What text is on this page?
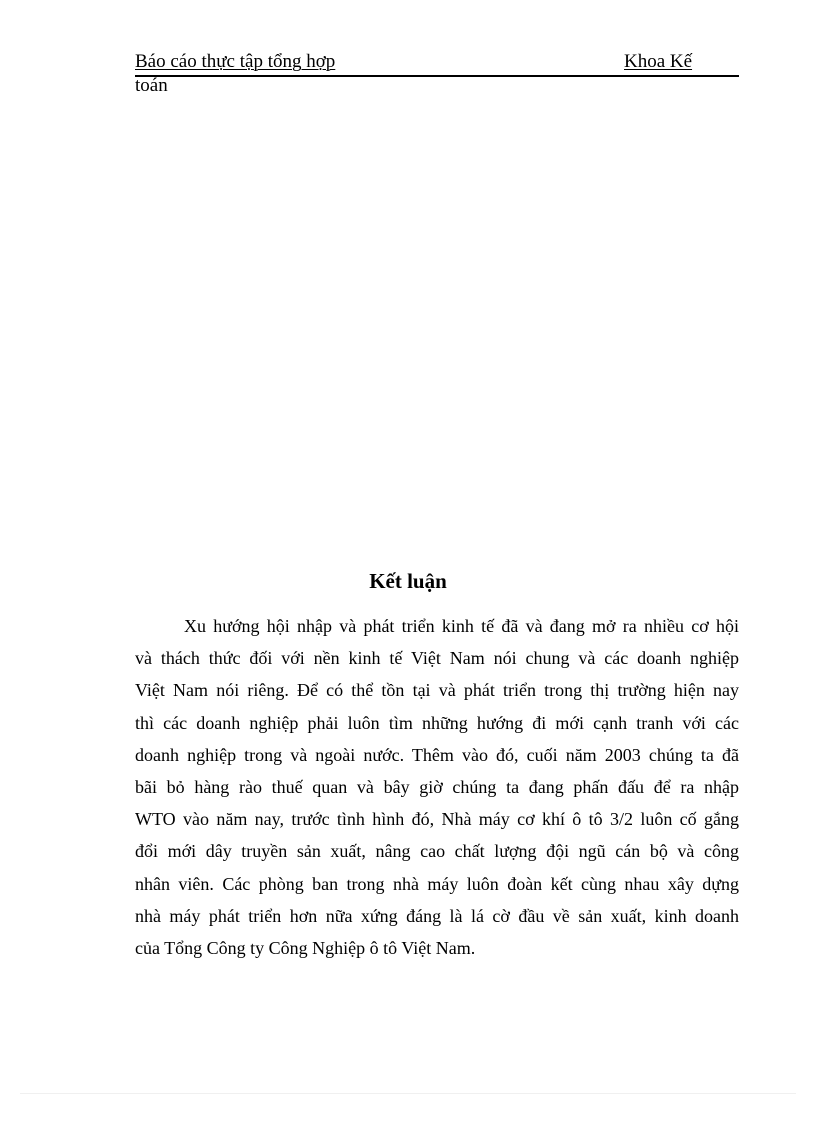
Báo cáo thực tập tổng hợp	Khoa Kế
toán
Kết luận
Xu hướng hội nhập và phát triển kinh tế đã và đang mở ra nhiều cơ hội
và thách thức đối với nền kinh tế Việt Nam nói chung và các doanh nghiệp
Việt Nam nói riêng. Để có thể tồn tại và phát triển trong thị trường hiện nay
thì các doanh nghiệp phải luôn tìm những hướng đi mới cạnh tranh với các
doanh nghiệp trong và ngoài nước. Thêm vào đó, cuối năm 2003 chúng ta đã
bãi bỏ hàng rào thuế quan và bây giờ chúng ta đang phấn đấu để ra nhập
WTO vào năm nay, trước tình hình đó, Nhà máy cơ khí ô tô 3/2 luôn cố gắng
đổi mới dây truyền sản xuất, nâng cao chất lượng đội ngũ cán bộ và công
nhân viên. Các phòng ban trong nhà máy luôn đoàn kết cùng nhau xây dựng
nhà máy phát triển hơn nữa xứng đáng là lá cờ đầu về sản xuất, kinh doanh
của Tổng Công ty Công Nghiệp ô tô Việt Nam.
